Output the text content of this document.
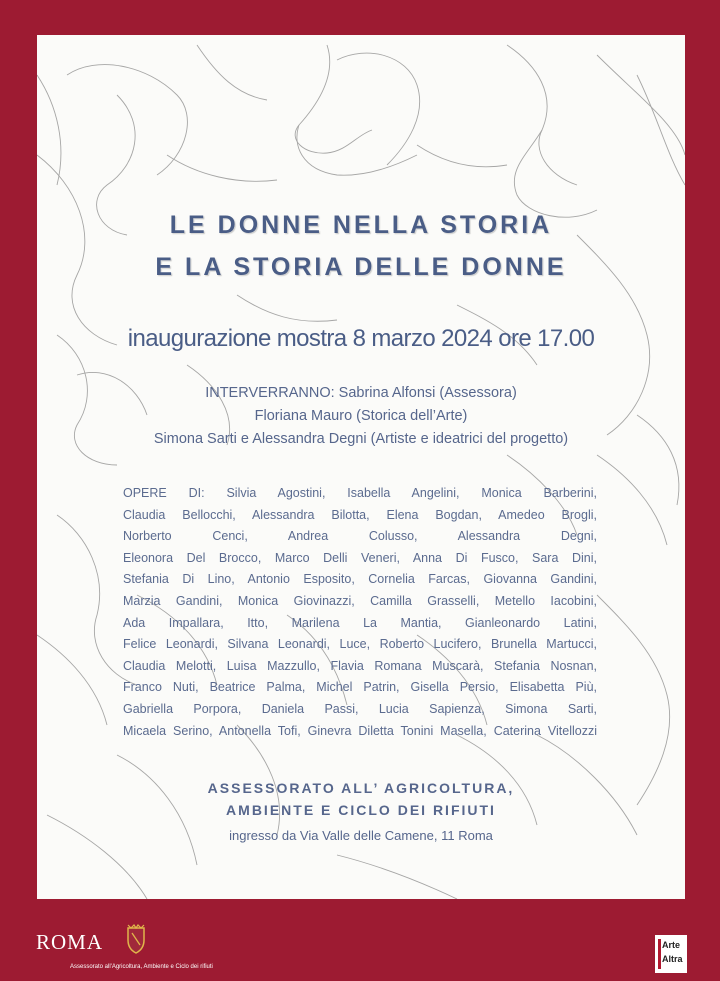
LE DONNE NELLA STORIA
E LA STORIA DELLE DONNE
inaugurazione mostra 8 marzo 2024 ore 17.00
INTERVERRANNO: Sabrina Alfonsi (Assessora)
Floriana Mauro (Storica dell’Arte)
Simona Sarti e Alessandra Degni (Artiste e ideatrici del progetto)
OPERE DI: Silvia Agostini, Isabella Angelini, Monica Barberini,
Claudia Bellocchi, Alessandra Bilotta, Elena Bogdan, Amedeo Brogli,
Norberto Cenci, Andrea Colusso, Alessandra Degni,
Eleonora Del Brocco, Marco Delli Veneri, Anna Di Fusco, Sara Dini,
Stefania Di Lino, Antonio Esposito, Cornelia Farcas, Giovanna Gandini,
Marzia Gandini, Monica Giovinazzi, Camilla Grasselli, Metello Iacobini,
Ada Impallara, Itto, Marilena La Mantia, Gianleonardo Latini,
Felice Leonardi, Silvana Leonardi, Luce, Roberto Lucifero, Brunella Martucci,
Claudia Melotti, Luisa Mazzullo, Flavia Romana Muscarà, Stefania Nosnan,
Franco Nuti, Beatrice Palma, Michel Patrin, Gisella Persio, Elisabetta Più,
Gabriella Porpora, Daniela Passi, Lucia Sapienza, Simona Sarti,
Micaela Serino, Antonella Tofi, Ginevra Diletta Tonini Masella, Caterina Vitellozzi
ASSESSORATO ALL’ AGRICOLTURA,
AMBIENTE E CICLO DEI RIFIUTI
ingresso da Via Valle delle Camene, 11 Roma
ROMA
Assessorato all'Agricoltura, Ambiente e Ciclo dei rifiuti
Arte
Altra
